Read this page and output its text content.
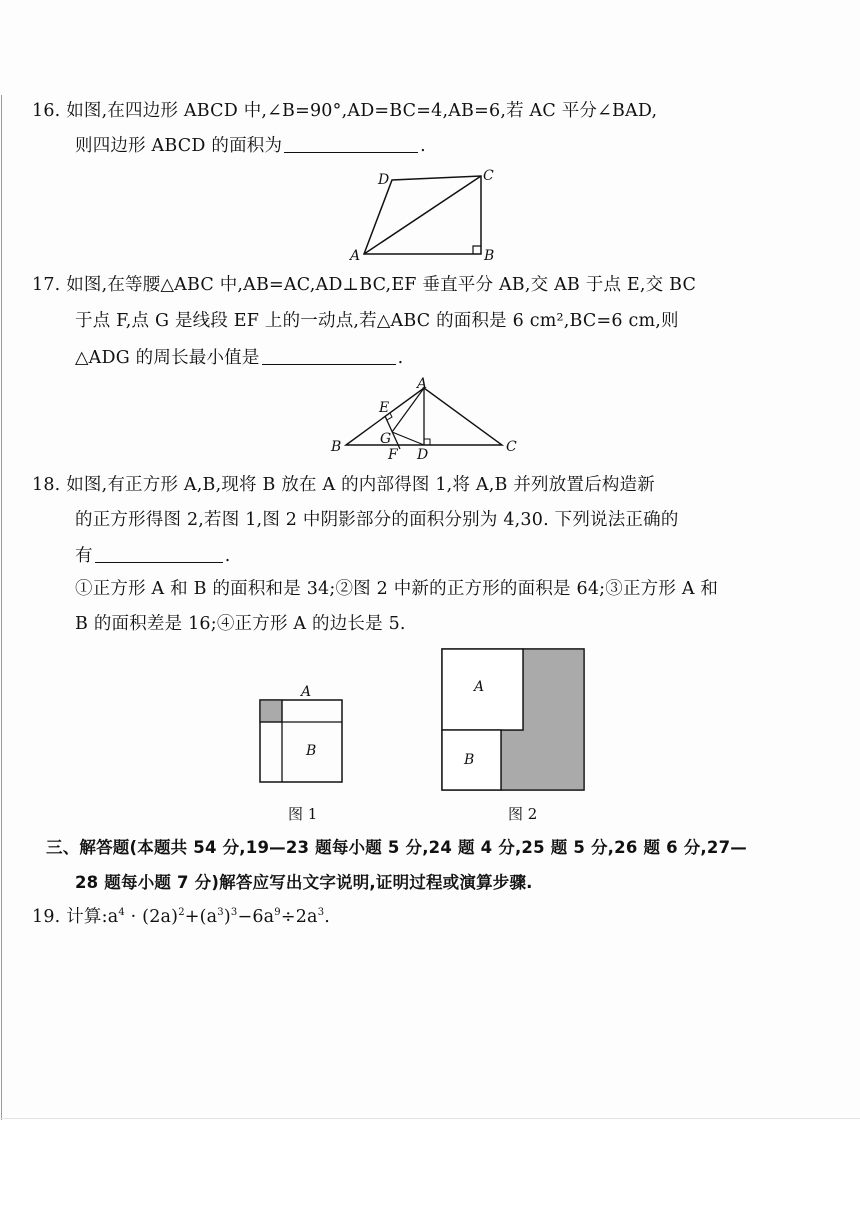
16. 如图,在四边形 ABCD 中,∠B=90°,AD=BC=4,AB=6,若 AC 平分∠BAD,
则四边形 ABCD 的面积为	.
A	B
C
D
17. 如图,在等腰△ABC 中,AB=AC,AD⊥BC,EF 垂直平分 AB,交 AB 于点 E,交 BC
于点 F,点 G 是线段 EF 上的一动点,若△ABC 的面积是 6 cm²,BC=6 cm,则
△ADG 的周长最小值是	.
E
G
A
B	C
D
F
18. 如图,有正方形 A,B,现将 B 放在 A 的内部得图 1,将 A,B 并列放置后构造新
的正方形得图 2,若图 1,图 2 中阴影部分的面积分别为 4,30. 下列说法正确的
有	.
①正方形 A 和 B 的面积和是 34;②图 2 中新的正方形的面积是 64;③正方形 A 和
B 的面积差是 16;④正方形 A 的边长是 5.
A
B
图 1
A
B
图 2
三、解答题(本题共 54 分,19—23 题每小题 5 分,24 题 4 分,25 题 5 分,26 题 6 分,27—
28 题每小题 7 分)解答应写出文字说明,证明过程或演算步骤.
19. 计算$:a^4 \cdot (2a)^2+(a^3)^3-6a^9\div 2a^3$.
